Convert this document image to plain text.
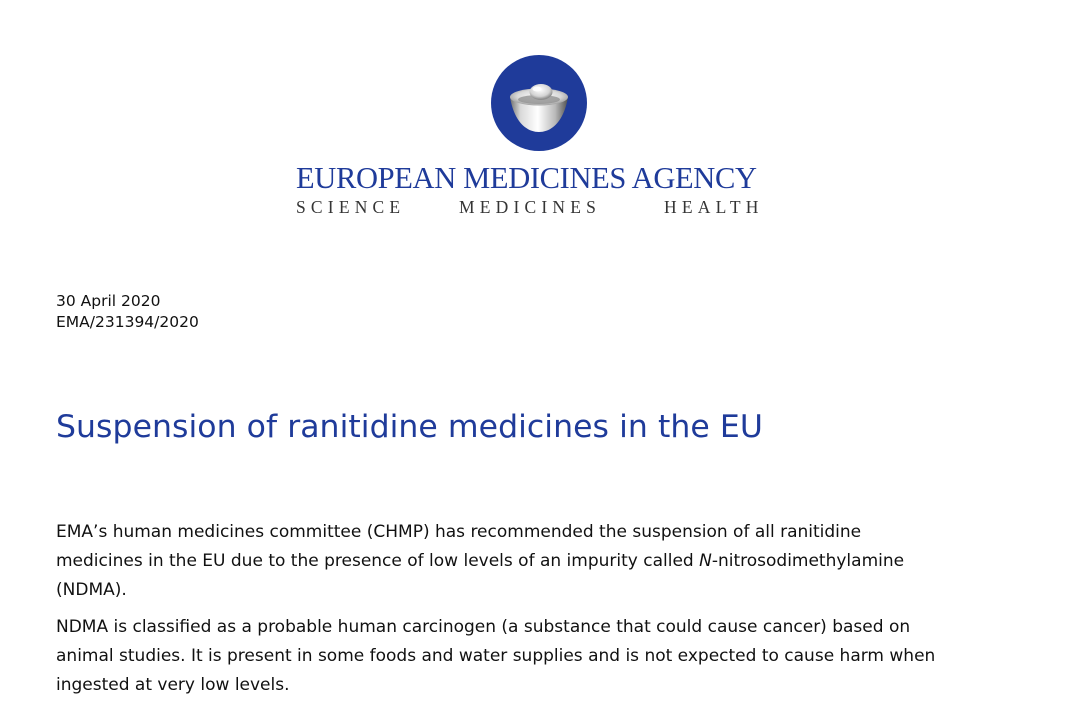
EUROPEAN MEDICINES AGENCY
SCIENCE	MEDICINES	HEALTH
30 April 2020
EMA/231394/2020
Suspension of ranitidine medicines in the EU

EMA’s human medicines committee (CHMP) has recommended the suspension of all ranitidine
medicines in the EU due to the presence of low levels of an impurity called N-nitrosodimethylamine
(NDMA).

NDMA is classified as a probable human carcinogen (a substance that could cause cancer) based on
animal studies. It is present in some foods and water supplies and is not expected to cause harm when
ingested at very low levels.
